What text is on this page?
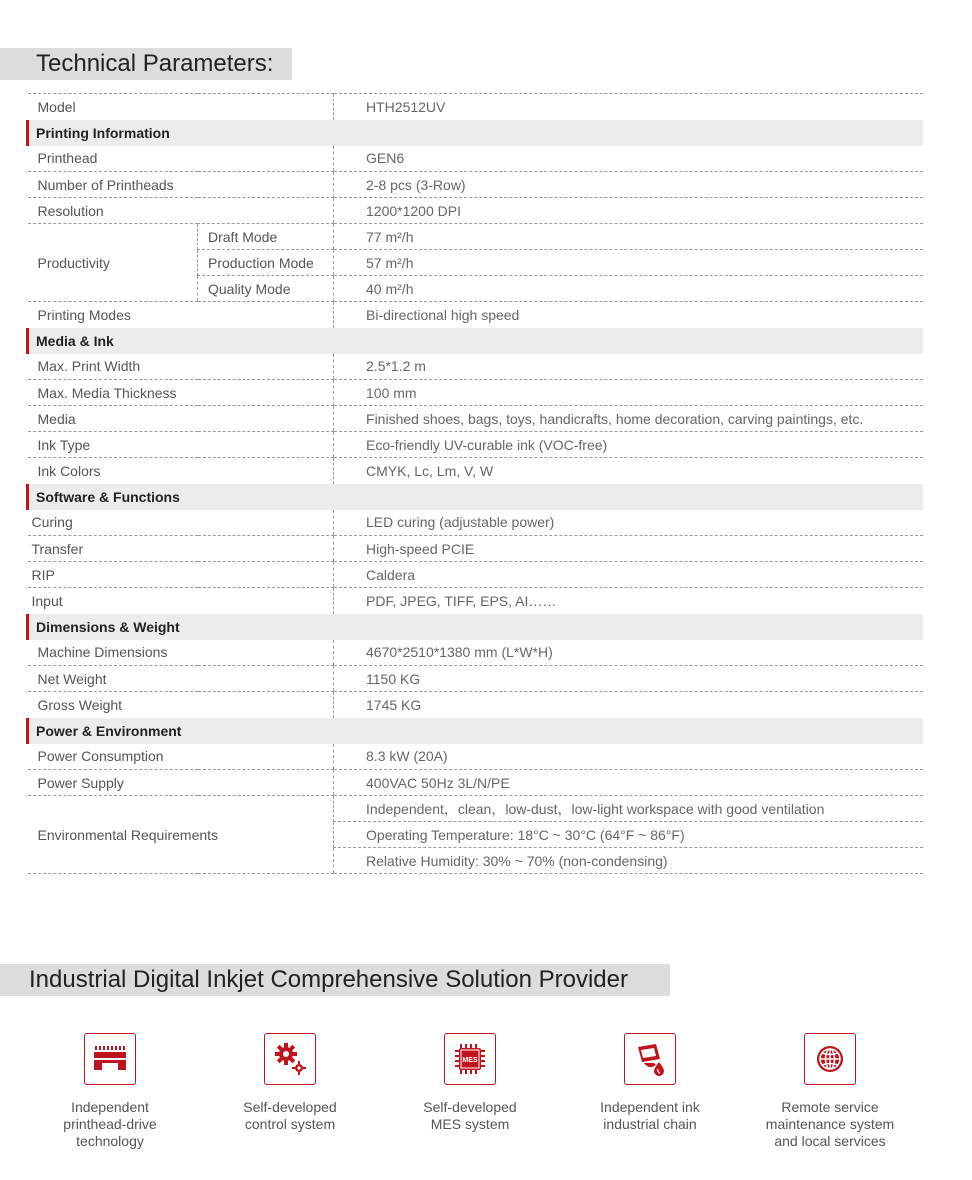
Technical Parameters:
Model		HTH2512UV
Printing Information		
Printhead		GEN6
Number of Printheads		2-8 pcs (3-Row)
Resolution		1200*1200 DPI
Productivity	Draft Mode	77 m²/h
	Production Mode	57 m²/h
	Quality Mode	40 m²/h
Printing Modes		Bi-directional high speed
Media & Ink		
Max. Print Width		2.5*1.2 m
Max. Media Thickness		100 mm
Media		Finished shoes, bags, toys, handicrafts, home decoration, carving paintings, etc.
Ink Type		Eco-friendly UV-curable ink (VOC-free)
Ink Colors		CMYK, Lc, Lm, V, W
Software & Functions		
Curing		LED curing (adjustable power)
Transfer		High-speed PCIE
RIP		Caldera
Input		PDF, JPEG, TIFF, EPS, AI……
Dimensions & Weight		
Machine Dimensions		4670*2510*1380 mm (L*W*H)
Net Weight		1150 KG
Gross Weight		1745 KG
Power & Environment		
Power Consumption		8.3 kW (20A)
Power Supply		400VAC 50Hz 3L/N/PE
Environmental Requirements		Independent，clean，low-dust，low-light workspace with good ventilation
		Operating Temperature: 18°C ~ 30°C (64°F ~ 86°F)
		Relative Humidity: 30% ~ 70% (non-condensing)
Industrial Digital Inkjet Comprehensive Solution Provider
Independent
printhead-drive
technology
Self-developed
control system
MES
Self-developed
MES system
Independent ink
industrial chain
Remote service
maintenance system
and local services
